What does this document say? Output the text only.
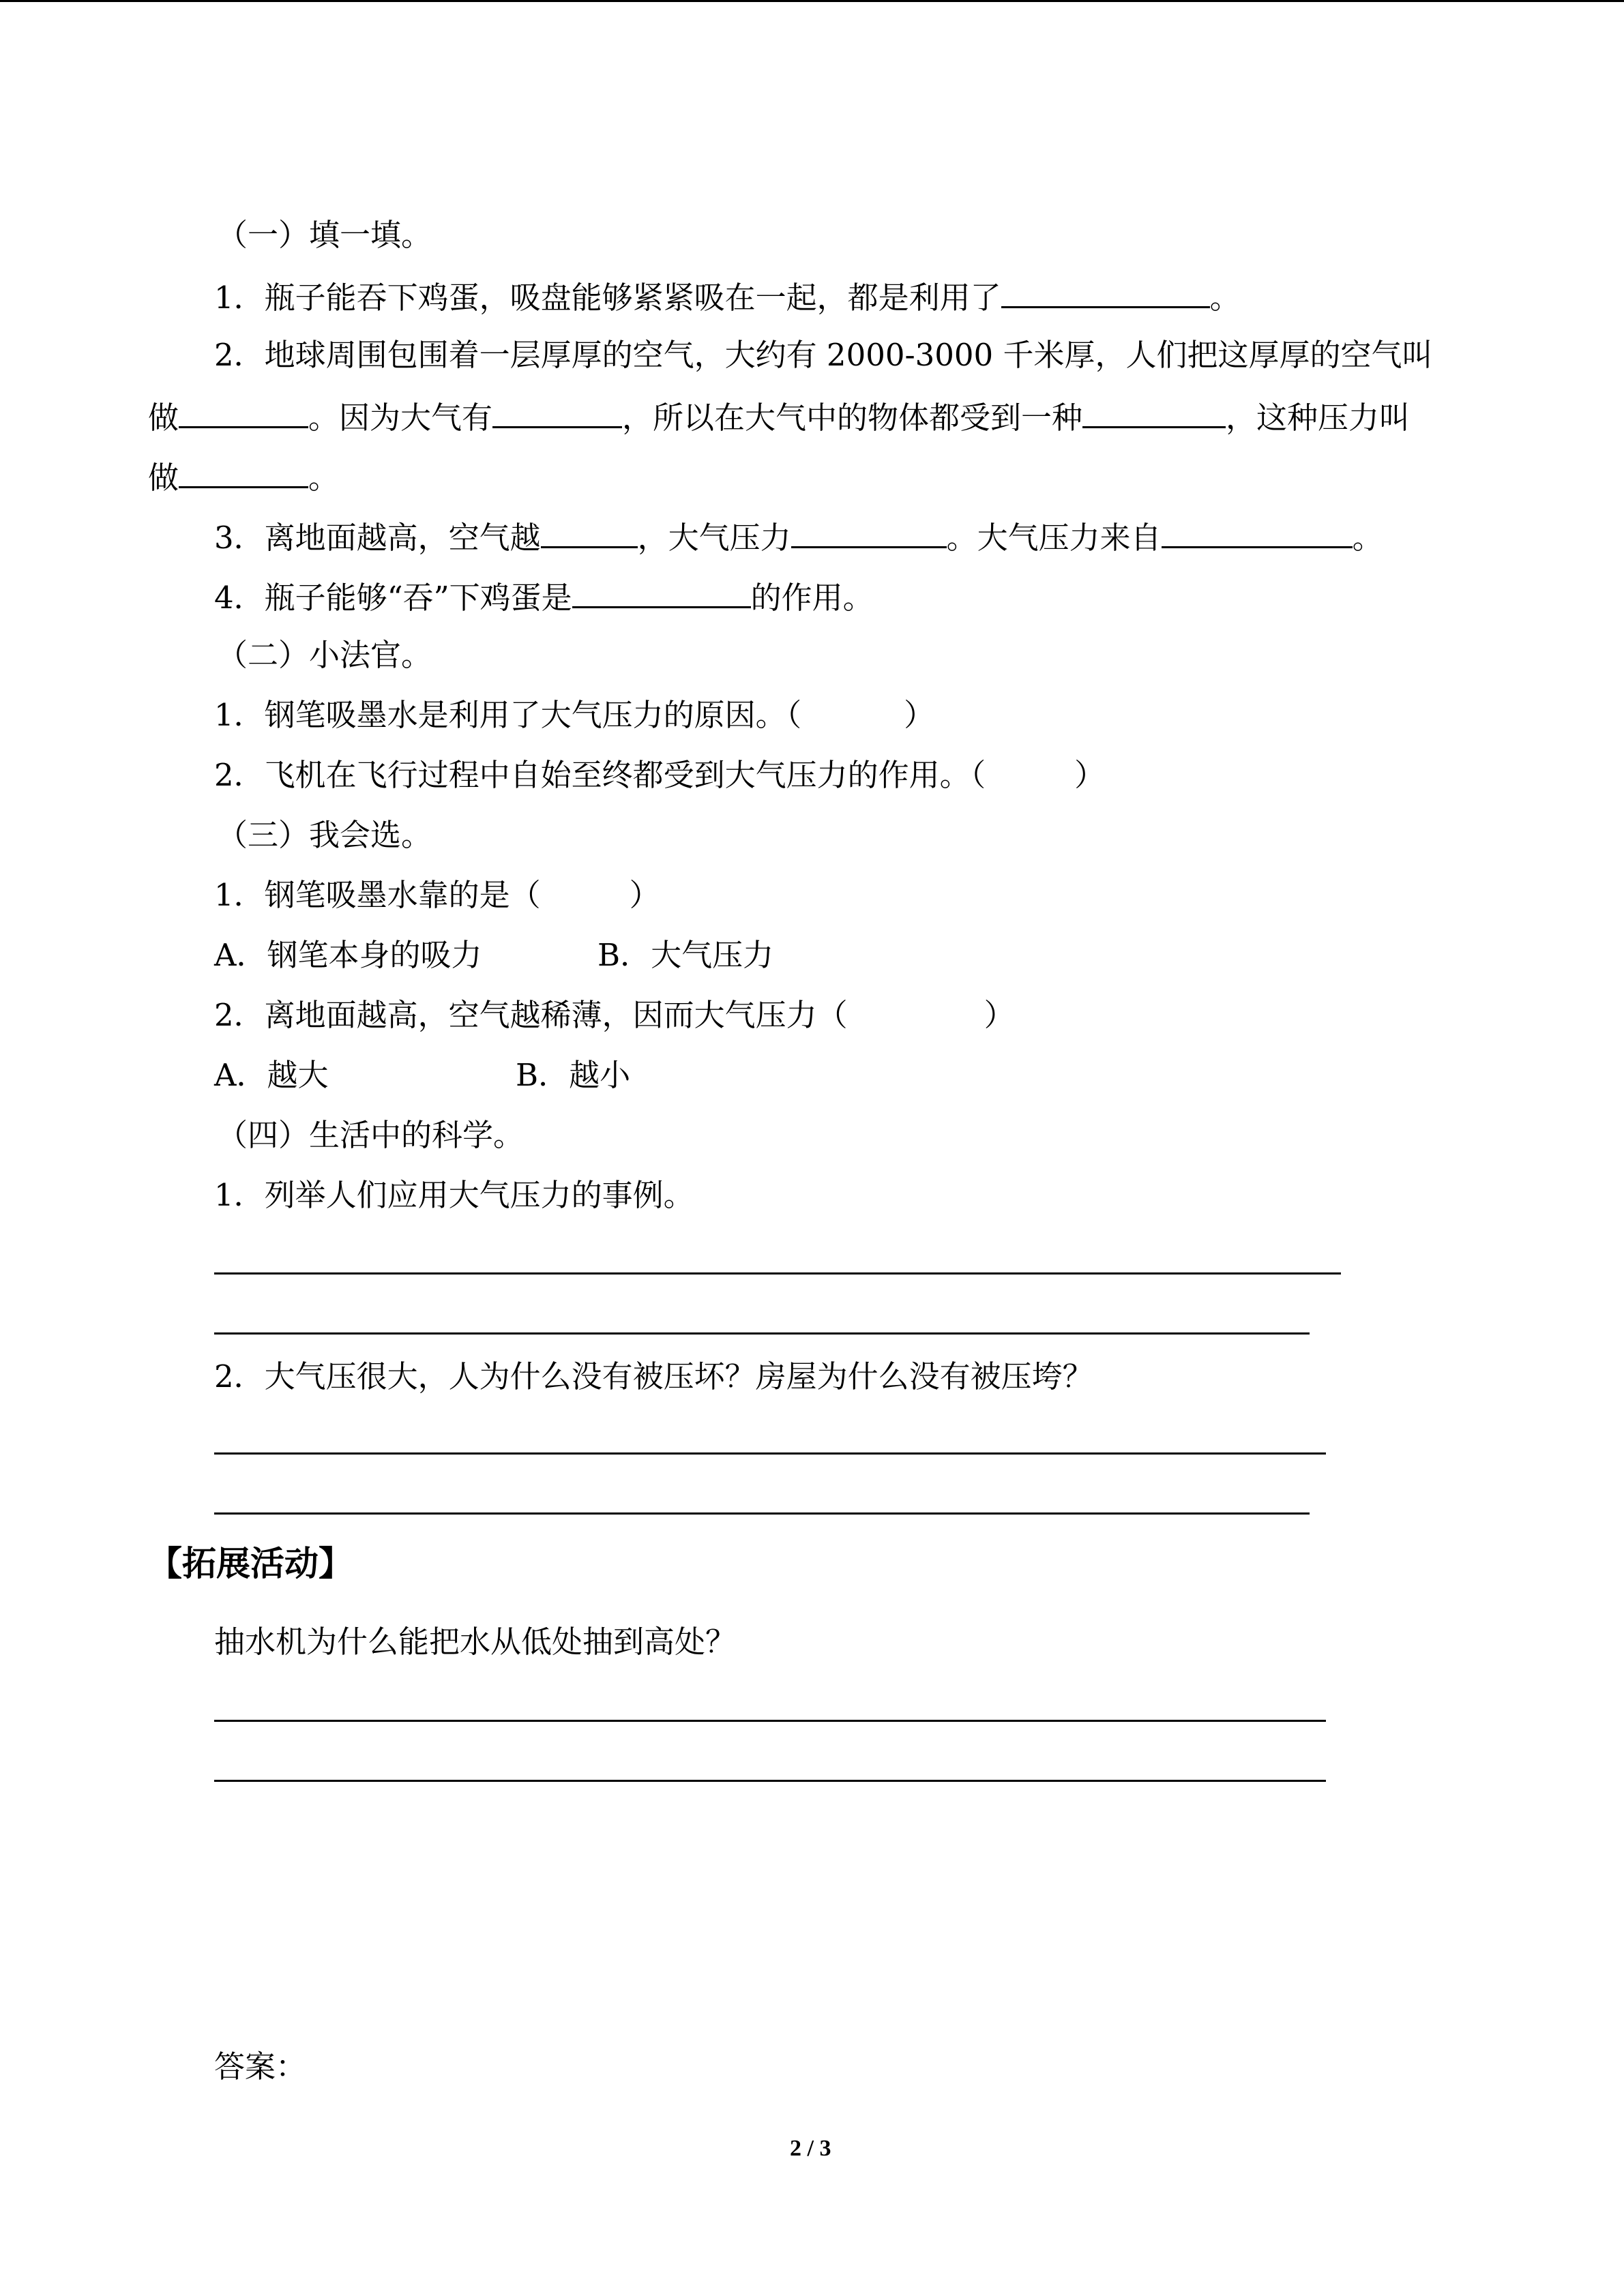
（一）填一填。
1．瓶子能吞下鸡蛋，吸盘能够紧紧吸在一起，都是利用了	。
2．地球周围包围着一层厚厚的空气，大约有 2000-3000 千米厚，人们把这厚厚的空气叫
做	。因为大气有	，所以在大气中的物体都受到一种	，这种压力叫
做	。
3．离地面越高，空气越	，大气压力	。大气压力来自	。
4．瓶子能够“吞”下鸡蛋是	的作用。
（二）小法官。
1．钢笔吸墨水是利用了大气压力的原因。（	）
2．飞机在飞行过程中自始至终都受到大气压力的作用。（	）
（三）我会选。
1．钢笔吸墨水靠的是（	）
A．钢笔本身的吸力	B．大气压力
2．离地面越高，空气越稀薄，因而大气压力（	）
A．越大	B．越小
（四）生活中的科学。
1．列举人们应用大气压力的事例。
2．大气压很大，人为什么没有被压坏？房屋为什么没有被压垮？
【拓展活动】
抽水机为什么能把水从低处抽到高处？
答案：
2 / 3
